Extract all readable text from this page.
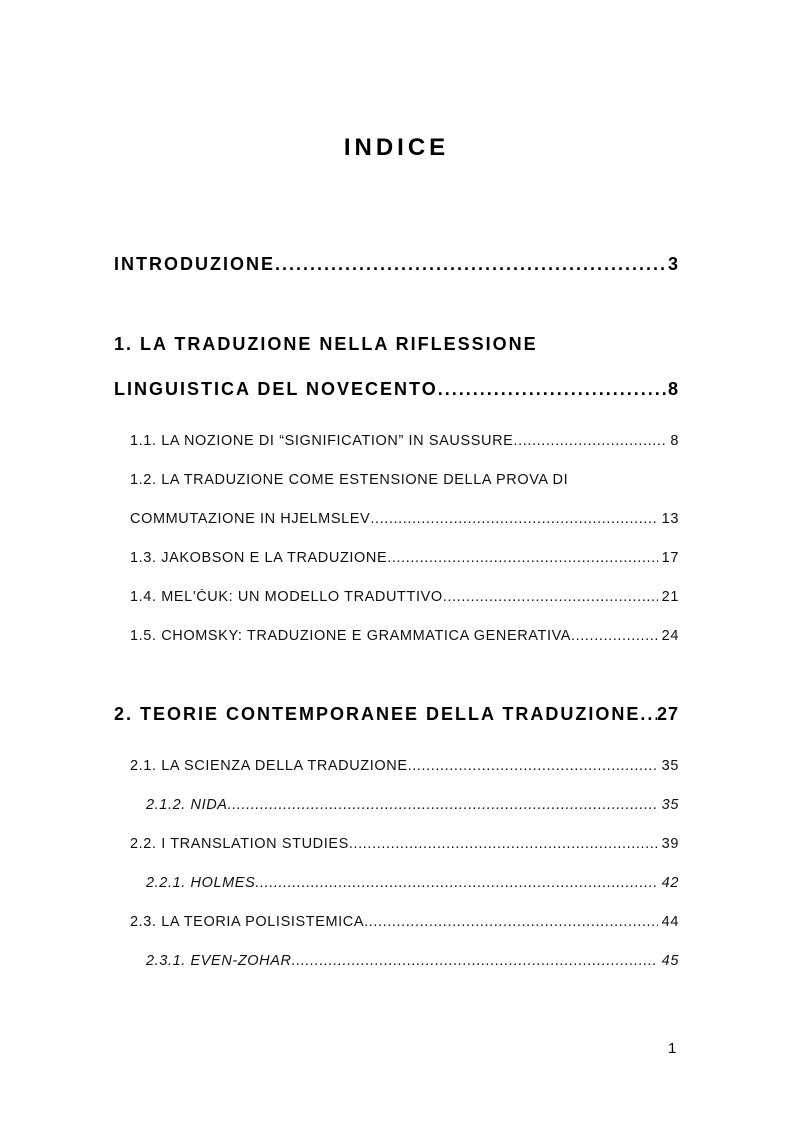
INDICE
INTRODUZIONE .....	3
1. LA TRADUZIONE NELLA RIFLESSIONE
LINGUISTICA DEL NOVECENTO .....	8
1.1. LA NOZIONE DI “SIGNIFICATION” IN SAUSSURE .....	8
1.2. LA TRADUZIONE COME ESTENSIONE DELLA PROVA DI
COMMUTAZIONE IN HJELMSLEV .....	13
1.3. JAKOBSON E LA TRADUZIONE .....	17
1.4. MEL'ČUK: UN MODELLO TRADUTTIVO .....	21
1.5. CHOMSKY: TRADUZIONE E GRAMMATICA GENERATIVA .....	24
2. TEORIE CONTEMPORANEE DELLA TRADUZIONE ..... 27
2.1. LA SCIENZA DELLA TRADUZIONE .....	35
2.1.2. NIDA .....	35
2.2. I TRANSLATION STUDIES .....	39
2.2.1. HOLMES .....	42
2.3. LA TEORIA POLISISTEMICA .....	44
2.3.1. EVEN-ZOHAR .....	45
1
